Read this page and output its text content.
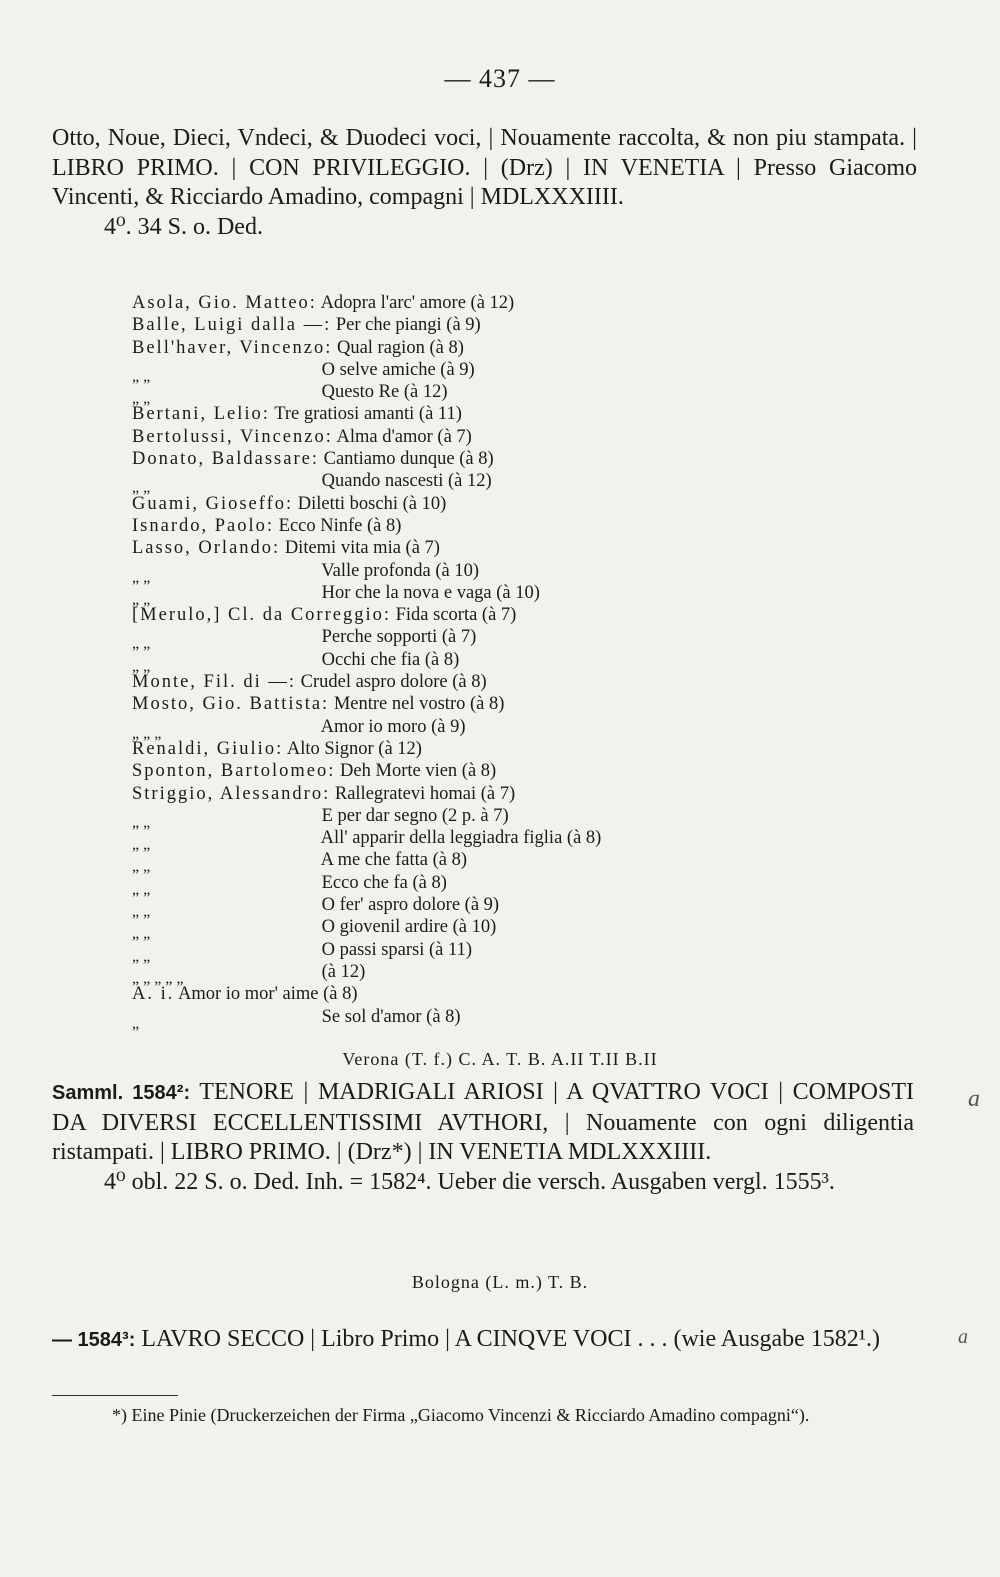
— 437 —
Otto, Noue, Dieci, Vndeci, & Duodeci voci, | Nouamente raccolta, & non piu stampata. | LIBRO PRIMO. | CON PRIVILEGGIO. | (Drz) | IN VENETIA | Presso Giacomo Vincenti, & Ricciardo Amadino, compagni | MDLXXXIIII.
4⁰. 34 S. o. Ded.
Asola, Gio. Matteo: Adopra l'arc' amore (à 12)
Balle, Luigi dalla —: Per che piangi (à 9)
Bell'haver, Vincenzo: Qual ragion (à 8)
„ „	O selve amiche (à 9)
„ „	Questo Re (à 12)
Bertani, Lelio: Tre gratiosi amanti (à 11)
Bertolussi, Vincenzo: Alma d'amor (à 7)
Donato, Baldassare: Cantiamo dunque (à 8)
„ „	Quando nascesti (à 12)
Guami, Gioseffo: Diletti boschi (à 10)
Isnardo, Paolo: Ecco Ninfe (à 8)
Lasso, Orlando: Ditemi vita mia (à 7)
„ „	Valle profonda (à 10)
„ „	Hor che la nova e vaga (à 10)
[Merulo,] Cl. da Correggio: Fida scorta (à 7)
„ „	Perche sopporti (à 7)
„ „	Occhi che fia (à 8)
Monte, Fil. di —: Crudel aspro dolore (à 8)
Mosto, Gio. Battista: Mentre nel vostro (à 8)
„ „ „	Amor io moro (à 9)
Renaldi, Giulio: Alto Signor (à 12)
Sponton, Bartolomeo: Deh Morte vien (à 8)
Striggio, Alessandro: Rallegratevi homai (à 7)
„ „	E per dar segno (2 p. à 7)
„ „	All' apparir della leggiadra figlia (à 8)
„ „	A me che fatta (à 8)
„ „	Ecco che fa (à 8)
„ „	O fer' aspro dolore (à 9)
„ „	O giovenil ardire (à 10)
„ „	O passi sparsi (à 11)
„ „ „ „ „	(à 12)
A. i. Amor io mor' aime (à 8)
„	Se sol d'amor (à 8)
Verona (T. f.) C. A. T. B. A.II T.II B.II
Samml. 1584²: TENORE | MADRIGALI ARIOSI | A QVATTRO VOCI | COMPOSTI DA DIVERSI ECCELLENTISSIMI AVTHORI, | Nouamente con ogni diligentia ristampati. | LIBRO PRIMO. | (Drz*) | IN VENETIA MDLXXXIIII.
4⁰ obl. 22 S. o. Ded. Inh. = 1582⁴. Ueber die versch. Ausgaben vergl. 1555³.
Bologna (L. m.) T. B.
— 1584³: LAVRO SECCO | Libro Primo | A CINQVE VOCI . . . (wie Ausgabe 1582¹.)
*) Eine Pinie (Druckerzeichen der Firma „Giacomo Vincenzi & Ricciardo Amadino compagni“).
a
a
